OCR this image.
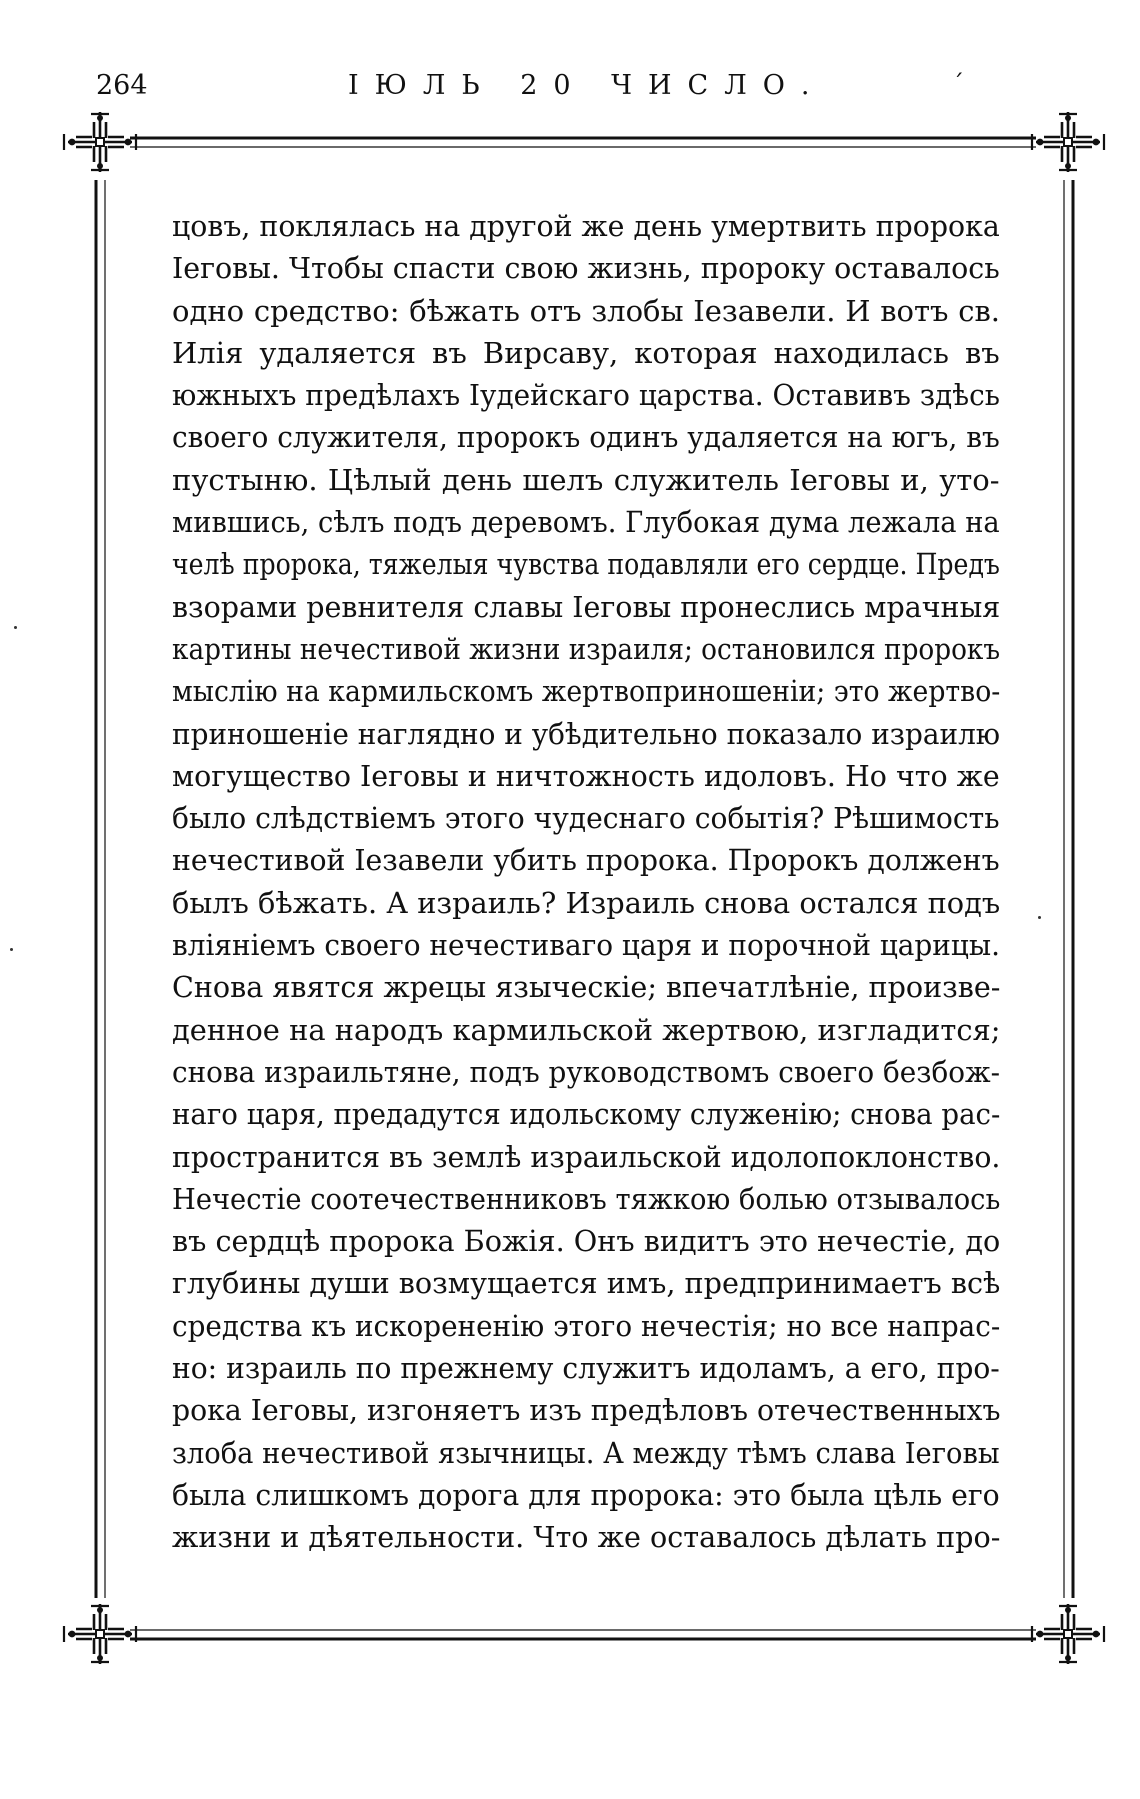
264	ІЮЛЬ 20 ЧИСЛО.	´
цовъ, поклялась на другой же день умертвить пророка
Іеговы. Чтобы спасти свою жизнь, пророку оставалось
одно средство: бѣжать отъ злобы Іезавели. И вотъ св.
Илія удаляется въ Вирсаву, которая находилась въ
южныхъ предѣлахъ Іудейскаго царства. Оставивъ здѣсь
своего служителя, пророкъ одинъ удаляется на югъ, въ
пустыню. Цѣлый день шелъ служитель Іеговы и, уто-
мившись, сѣлъ подъ деревомъ. Глубокая дума лежала на
челѣ пророка, тяжелыя чувства подавляли его сердце. Предъ
взорами ревнителя славы Іеговы пронеслись мрачныя
картины нечестивой жизни израиля; остановился пророкъ
мыслію на кармильскомъ жертвоприношеніи; это жертво-
приношеніе наглядно и убѣдительно показало израилю
могущество Іеговы и ничтожность идоловъ. Но что же
было слѣдствіемъ этого чудеснаго событія? Рѣшимость
нечестивой Іезавели убить пророка. Пророкъ долженъ
былъ бѣжать. А израиль? Израиль снова остался подъ
вліяніемъ своего нечестиваго царя и порочной царицы.
Снова явятся жрецы языческіе; впечатлѣніе, произве-
денное на народъ кармильской жертвою, изгладится;
снова израильтяне, подъ руководствомъ своего безбож-
наго царя, предадутся идольскому служенію; снова рас-
пространится въ землѣ израильской идолопоклонство.
Нечестіе соотечественниковъ тяжкою болью отзывалось
въ сердцѣ пророка Божія. Онъ видитъ это нечестіе, до
глубины души возмущается имъ, предпринимаетъ всѣ
средства къ искорененію этого нечестія; но все напрас-
но: израиль по прежнему служитъ идоламъ, а его, про-
рока Іеговы, изгоняетъ изъ предѣловъ отечественныхъ
злоба нечестивой язычницы. А между тѣмъ слава Іеговы
была слишкомъ дорога для пророка: это была цѣль его
жизни и дѣятельности. Что же оставалось дѣлать про-
